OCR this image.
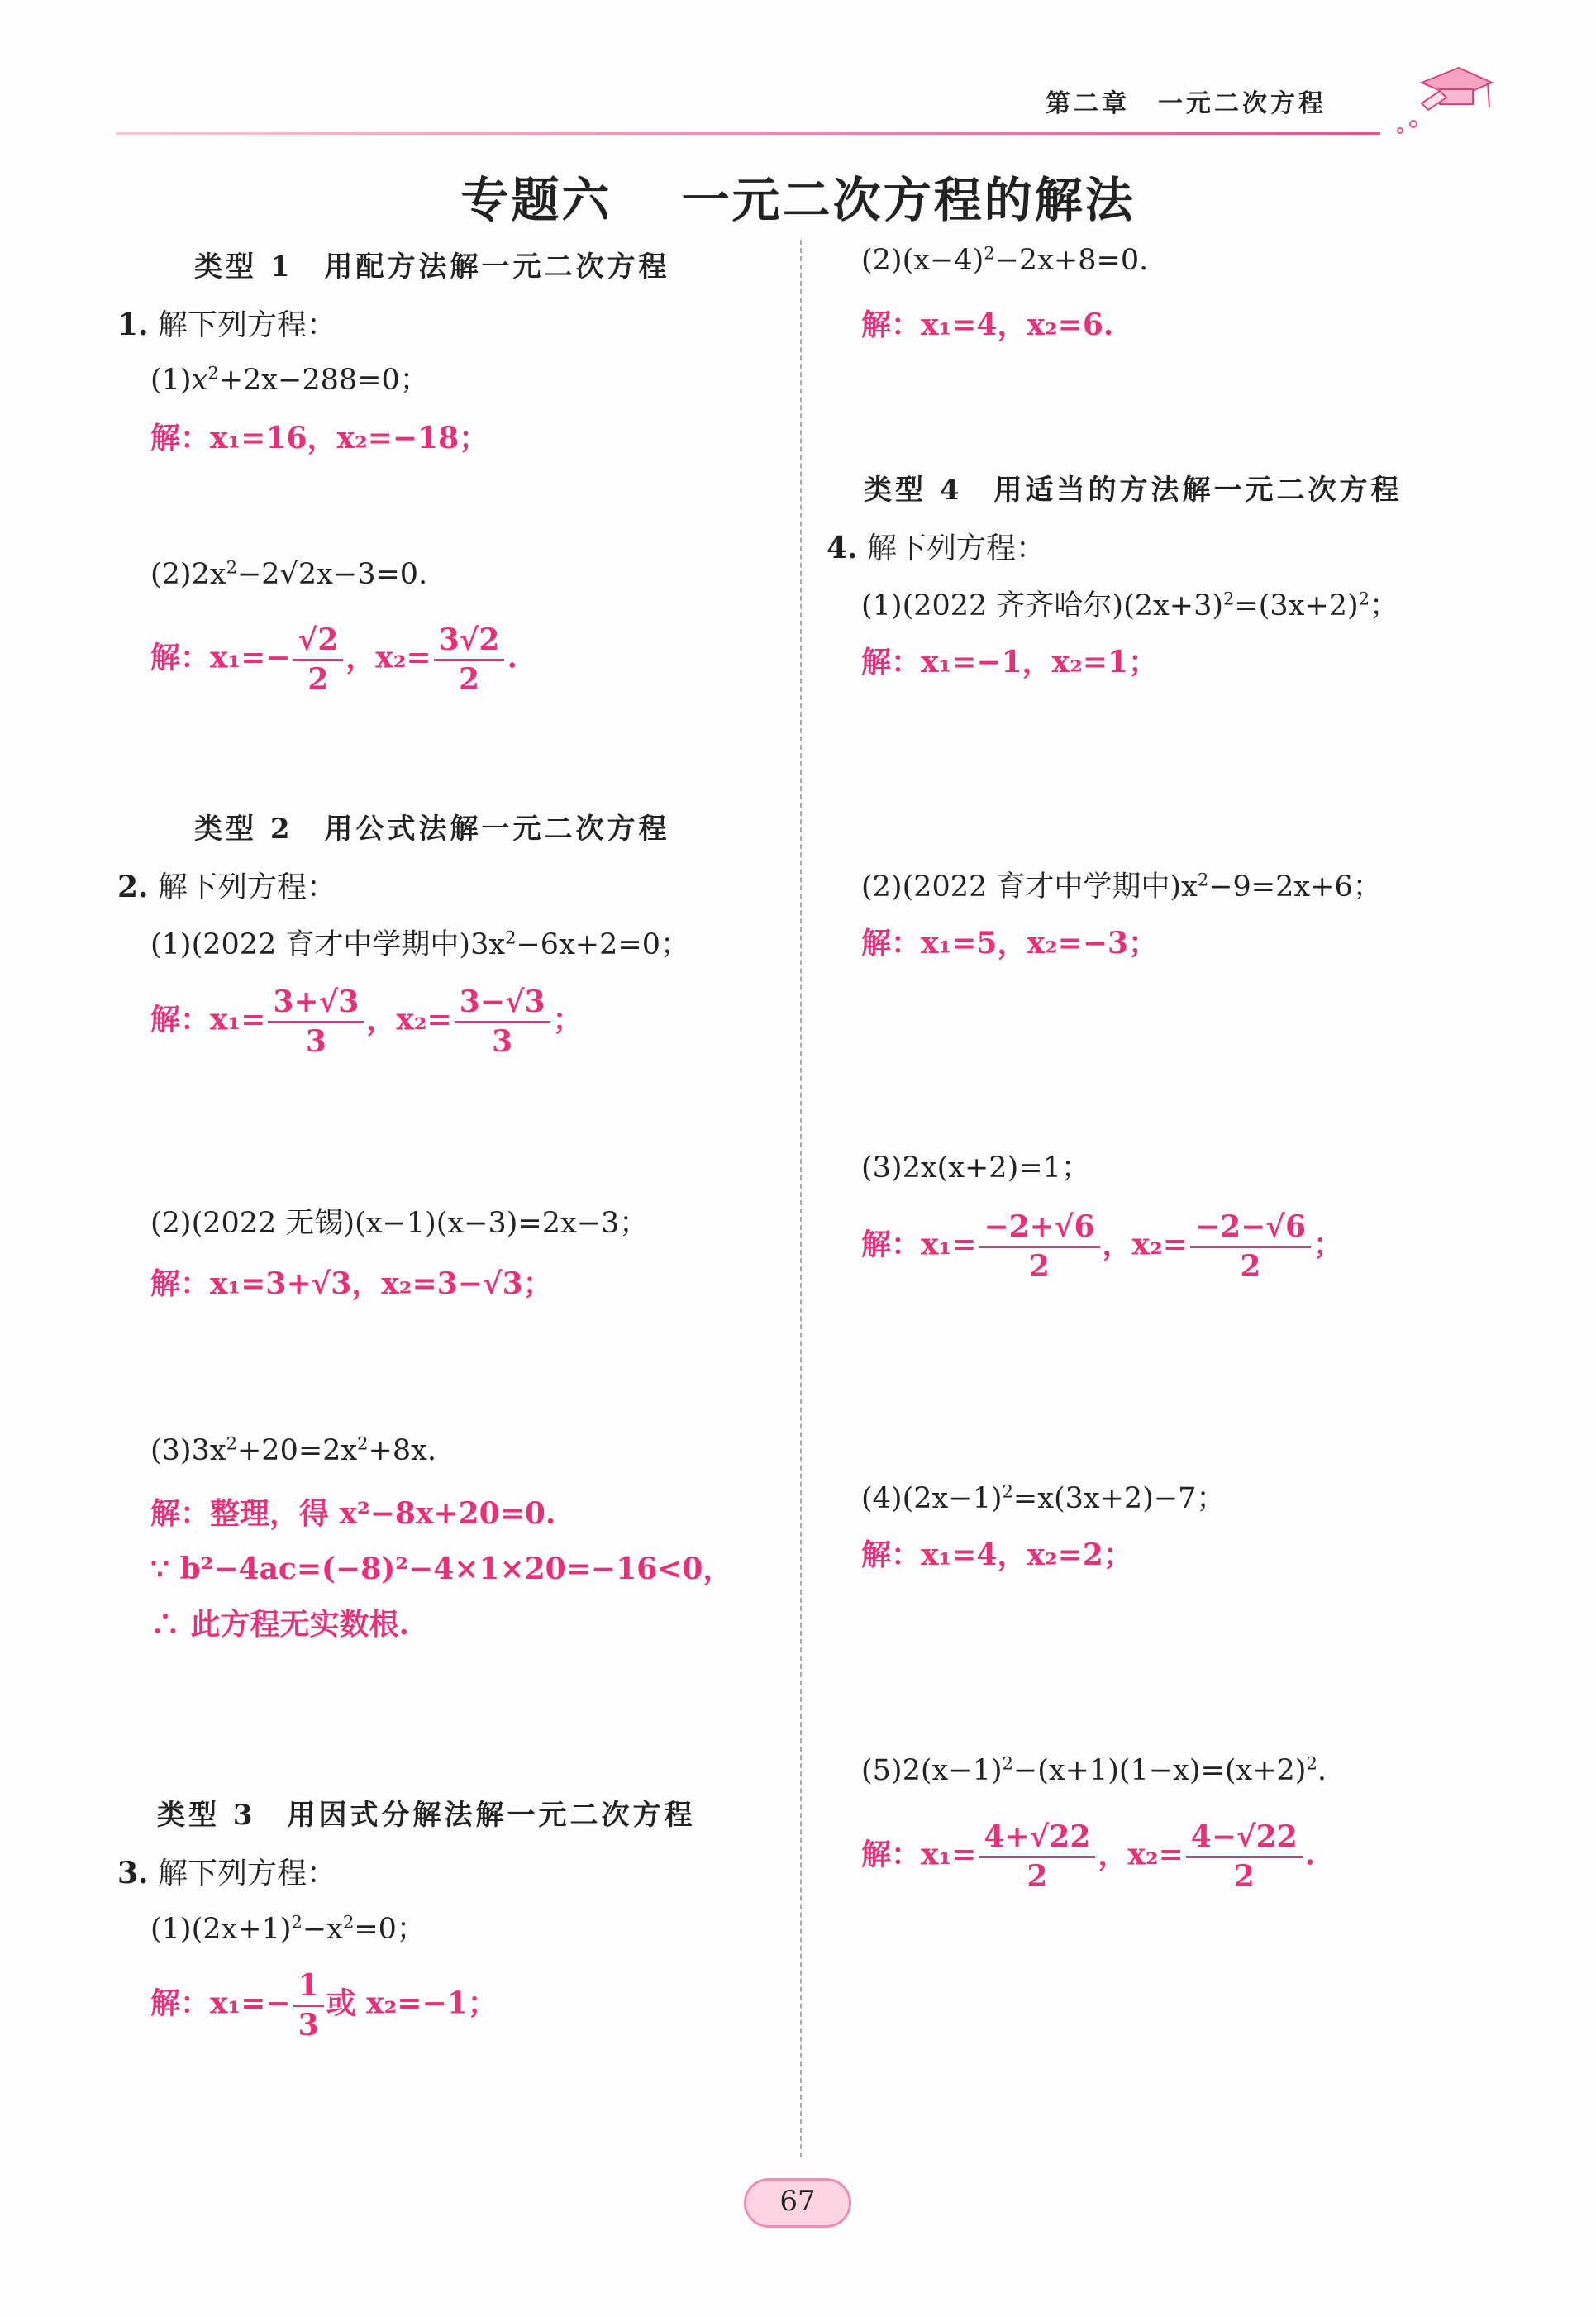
第二章　一元二次方程
专题六　 一元二次方程的解法
类型 1　用配方法解一元二次方程
1. 解下列方程：
$(1)x^2+2x-288=0$；
解：x₁=16，x₂=−18；
$(2)2x^2-2√2x-3=0$.
解：$x_1=- \frac{√2}{2}$ ，$x_2= \frac{3√2}{2}$ .
类型 2　用公式法解一元二次方程
2. 解下列方程：
(1)(2022 育才中学期中)$3x^2-6x+2=0$；
解：$x_1= \frac{3+√3}{3}$ ，$x_2= \frac{3-√3}{3}$ ；
(2)(2022 无锡)(x−1)(x−3)=2x−3；
解：x₁=3+√3，x₂=3−√3；
$(3)3x^2+20=2x^2+8x$.
解：整理，得 x²−8x+20=0.
∵ b²−4ac=(−8)²−4×1×20=−16<0，
∴ 此方程无实数根.
类型 3　用因式分解法解一元二次方程
3. 解下列方程：
$(1)(2x+1)^2-x^2=0$；
解：$x_1=- \frac{1}{3}$ 或 x₂=−1；
$(2)(x-4)^2-2x+8=0$.
解：x₁=4，x₂=6.
类型 4　用适当的方法解一元二次方程
4. 解下列方程：
(1)(2022 齐齐哈尔)$(2x+3)^2=(3x+2)^2$；
解：x₁=−1，x₂=1；
(2)(2022 育才中学期中)$x^2-9=2x+6$；
解：x₁=5，x₂=−3；
(3)2x(x+2)=1；
解：$x_1= \frac{-2+√6}{2}$ ，$x_2= \frac{-2-√6}{2}$ ；
$(4)(2x-1)^2=x(3x+2)-7$；
解：x₁=4，x₂=2；
$(5)2(x-1)^2-(x+1)(1-x)=(x+2)^2$.
解：$x_1= \frac{4+√22}{2}$ ，$x_2= \frac{4-√22}{2}$ .
67
